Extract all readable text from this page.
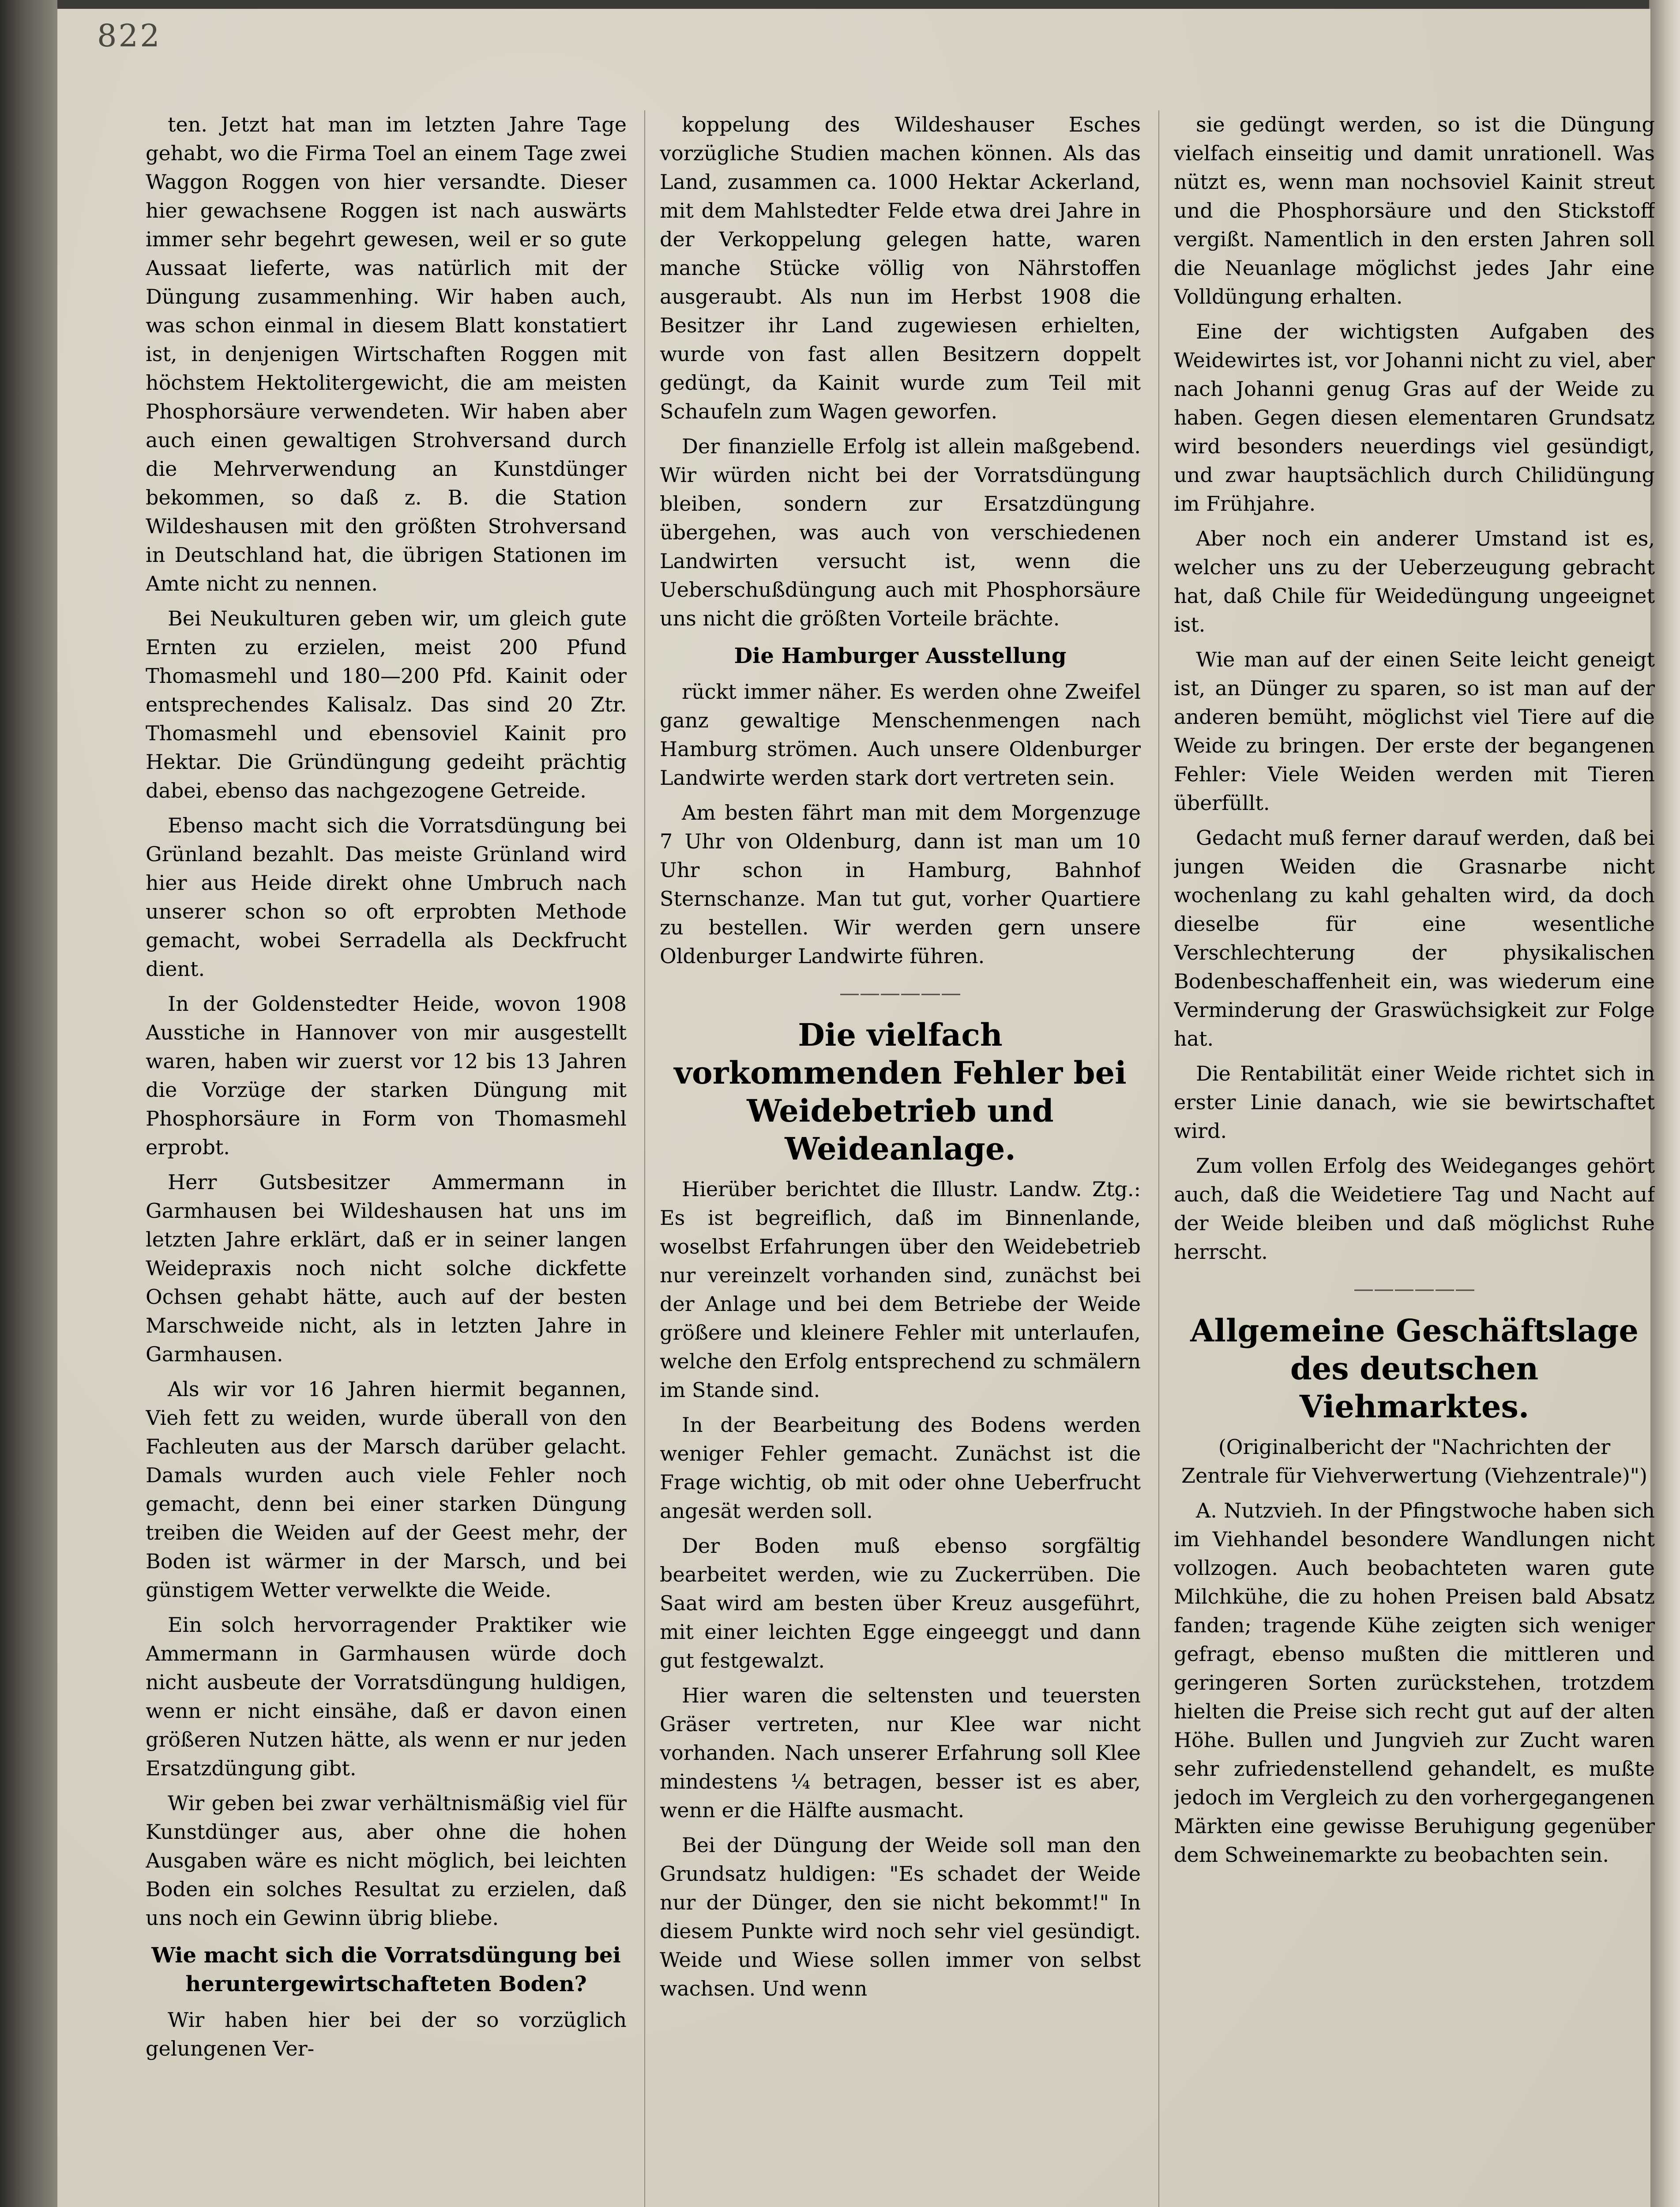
822

ten. Jetzt hat man im letzten Jahre Tage gehabt, wo die Firma Toel an einem Tage zwei Waggon Roggen von hier versandte. Dieser hier gewachsene Roggen ist nach auswärts immer sehr begehrt gewesen, weil er so gute Aussaat lieferte, was natürlich mit der Düngung zusammenhing. Wir haben auch, was schon einmal in diesem Blatt konstatiert ist, in denjenigen Wirtschaften Roggen mit höchstem Hektolitergewicht, die am meisten Phosphorsäure verwendeten. Wir haben aber auch einen gewaltigen Strohversand durch die Mehrverwendung an Kunstdünger bekommen, so daß z. B. die Station Wildeshausen mit den größten Strohversand in Deutschland hat, die übrigen Stationen im Amte nicht zu nennen.

Bei Neukulturen geben wir, um gleich gute Ernten zu erzielen, meist 200 Pfund Thomasmehl und 180—200 Pfd. Kainit oder entsprechendes Kalisalz. Das sind 20 Ztr. Thomasmehl und ebensoviel Kainit pro Hektar. Die Gründüngung gedeiht prächtig dabei, ebenso das nachgezogene Getreide.

Ebenso macht sich die Vorratsdüngung bei Grünland bezahlt. Das meiste Grünland wird hier aus Heide direkt ohne Umbruch nach unserer schon so oft erprobten Methode gemacht, wobei Serradella als Deckfrucht dient.

In der Goldenstedter Heide, wovon 1908 Ausstiche in Hannover von mir ausgestellt waren, haben wir zuerst vor 12 bis 13 Jahren die Vorzüge der starken Düngung mit Phosphorsäure in Form von Thomasmehl erprobt.

Herr Gutsbesitzer Ammermann in Garmhausen bei Wildeshausen hat uns im letzten Jahre erklärt, daß er in seiner langen Weidepraxis noch nicht solche dickfette Ochsen gehabt hätte, auch auf der besten Marschweide nicht, als in letzten Jahre in Garmhausen.

Als wir vor 16 Jahren hiermit begannen, Vieh fett zu weiden, wurde überall von den Fachleuten aus der Marsch darüber gelacht. Damals wurden auch viele Fehler noch gemacht, denn bei einer starken Düngung treiben die Weiden auf der Geest mehr, der Boden ist wärmer in der Marsch, und bei günstigem Wetter verwelkte die Weide.

Ein solch hervorragender Praktiker wie Ammermann in Garmhausen würde doch nicht ausbeute der Vorratsdüngung huldigen, wenn er nicht einsähe, daß er davon einen größeren Nutzen hätte, als wenn er nur jeden Ersatzdüngung gibt.

Wir geben bei zwar verhältnismäßig viel für Kunstdünger aus, aber ohne die hohen Ausgaben wäre es nicht möglich, bei leichten Boden ein solches Resultat zu erzielen, daß uns noch ein Gewinn übrig bliebe.

Wie macht sich die Vorratsdüngung bei heruntergewirtschafteten Boden?

Wir haben hier bei der so vorzüglich gelungenen Ver-

koppelung des Wildeshauser Esches vorzügliche Studien machen können. Als das Land, zusammen ca. 1000 Hektar Ackerland, mit dem Mahlstedter Felde etwa drei Jahre in der Verkoppelung gelegen hatte, waren manche Stücke völlig von Nährstoffen ausgeraubt. Als nun im Herbst 1908 die Besitzer ihr Land zugewiesen erhielten, wurde von fast allen Besitzern doppelt gedüngt, da Kainit wurde zum Teil mit Schaufeln zum Wagen geworfen.

Der finanzielle Erfolg ist allein maßgebend. Wir würden nicht bei der Vorratsdüngung bleiben, sondern zur Ersatzdüngung übergehen, was auch von verschiedenen Landwirten versucht ist, wenn die Ueberschußdüngung auch mit Phosphorsäure uns nicht die größten Vorteile brächte.

Die Hamburger Ausstellung

rückt immer näher. Es werden ohne Zweifel ganz gewaltige Menschenmengen nach Hamburg strömen. Auch unsere Oldenburger Landwirte werden stark dort vertreten sein.

Am besten fährt man mit dem Morgenzuge 7 Uhr von Oldenburg, dann ist man um 10 Uhr schon in Hamburg, Bahnhof Sternschanze. Man tut gut, vorher Quartiere zu bestellen. Wir werden gern unsere Oldenburger Landwirte führen.

——————
Die vielfach vorkommenden Fehler bei Weidebetrieb und Weideanlage.

Hierüber berichtet die Illustr. Landw. Ztg.: Es ist begreiflich, daß im Binnenlande, woselbst Erfahrungen über den Weidebetrieb nur vereinzelt vorhanden sind, zunächst bei der Anlage und bei dem Betriebe der Weide größere und kleinere Fehler mit unterlaufen, welche den Erfolg entsprechend zu schmälern im Stande sind.

In der Bearbeitung des Bodens werden weniger Fehler gemacht. Zunächst ist die Frage wichtig, ob mit oder ohne Ueberfrucht angesät werden soll.

Der Boden muß ebenso sorgfältig bearbeitet werden, wie zu Zuckerrüben. Die Saat wird am besten über Kreuz ausgeführt, mit einer leichten Egge eingeeggt und dann gut festgewalzt.

Hier waren die seltensten und teuersten Gräser vertreten, nur Klee war nicht vorhanden. Nach unserer Erfahrung soll Klee mindestens ¼ betragen, besser ist es aber, wenn er die Hälfte ausmacht.

Bei der Düngung der Weide soll man den Grundsatz huldigen: "Es schadet der Weide nur der Dünger, den sie nicht bekommt!" In diesem Punkte wird noch sehr viel gesündigt. Weide und Wiese sollen immer von selbst wachsen. Und wenn

sie gedüngt werden, so ist die Düngung vielfach einseitig und damit unrationell. Was nützt es, wenn man nochsoviel Kainit streut und die Phosphorsäure und den Stickstoff vergißt. Namentlich in den ersten Jahren soll die Neuanlage möglichst jedes Jahr eine Volldüngung erhalten.

Eine der wichtigsten Aufgaben des Weidewirtes ist, vor Johanni nicht zu viel, aber nach Johanni genug Gras auf der Weide zu haben. Gegen diesen elementaren Grundsatz wird besonders neuerdings viel gesündigt, und zwar hauptsächlich durch Chilidüngung im Frühjahre.

Aber noch ein anderer Umstand ist es, welcher uns zu der Ueberzeugung gebracht hat, daß Chile für Weidedüngung ungeeignet ist.

Wie man auf der einen Seite leicht geneigt ist, an Dünger zu sparen, so ist man auf der anderen bemüht, möglichst viel Tiere auf die Weide zu bringen. Der erste der begangenen Fehler: Viele Weiden werden mit Tieren überfüllt.

Gedacht muß ferner darauf werden, daß bei jungen Weiden die Grasnarbe nicht wochenlang zu kahl gehalten wird, da doch dieselbe für eine wesentliche Verschlechterung der physikalischen Bodenbeschaffenheit ein, was wiederum eine Verminderung der Graswüchsigkeit zur Folge hat.

Die Rentabilität einer Weide richtet sich in erster Linie danach, wie sie bewirtschaftet wird.

Zum vollen Erfolg des Weideganges gehört auch, daß die Weidetiere Tag und Nacht auf der Weide bleiben und daß möglichst Ruhe herrscht.

——————
Allgemeine Geschäftslage des deutschen Viehmarktes.
(Originalbericht der "Nachrichten der Zentrale für Viehverwertung (Viehzentrale)")

A. Nutzvieh. In der Pfingstwoche haben sich im Viehhandel besondere Wandlungen nicht vollzogen. Auch beobachteten waren gute Milchkühe, die zu hohen Preisen bald Absatz fanden; tragende Kühe zeigten sich weniger gefragt, ebenso mußten die mittleren und geringeren Sorten zurückstehen, trotzdem hielten die Preise sich recht gut auf der alten Höhe. Bullen und Jungvieh zur Zucht waren sehr zufriedenstellend gehandelt, es mußte jedoch im Vergleich zu den vorhergegangenen Märkten eine gewisse Beruhigung gegenüber dem Schweinemarkte zu beobachten sein.
